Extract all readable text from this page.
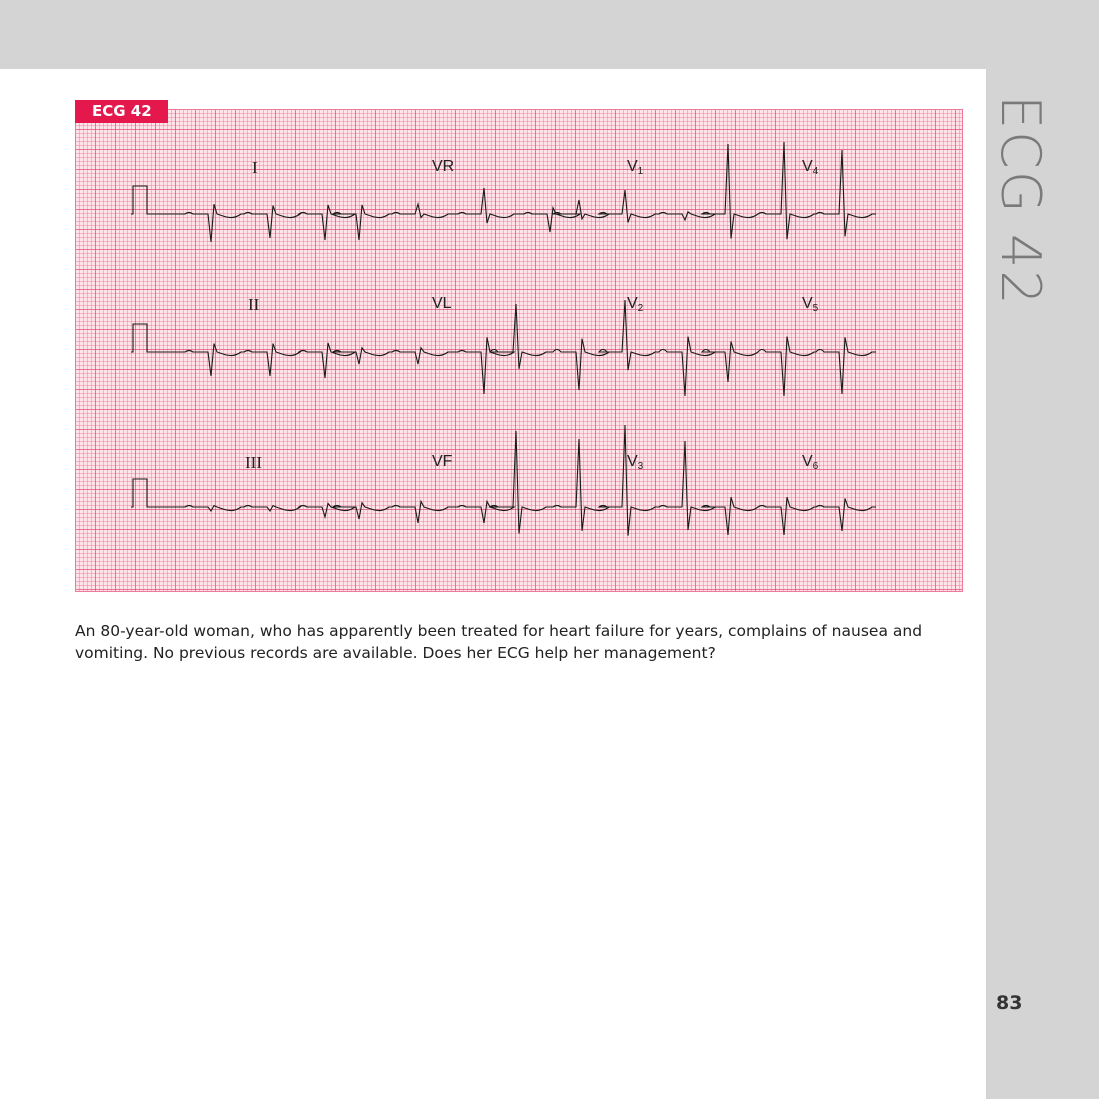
ECG 42
83
ECG 42
I	VR	$V_1$	$V_4$
II	VL	$V_2$	$V_5$
III	VF	$V_3$	$V_6$
An 80-year-old woman, who has apparently been treated for heart failure for years, complains of nausea and vomiting. No previous records are available. Does her ECG help her management?
